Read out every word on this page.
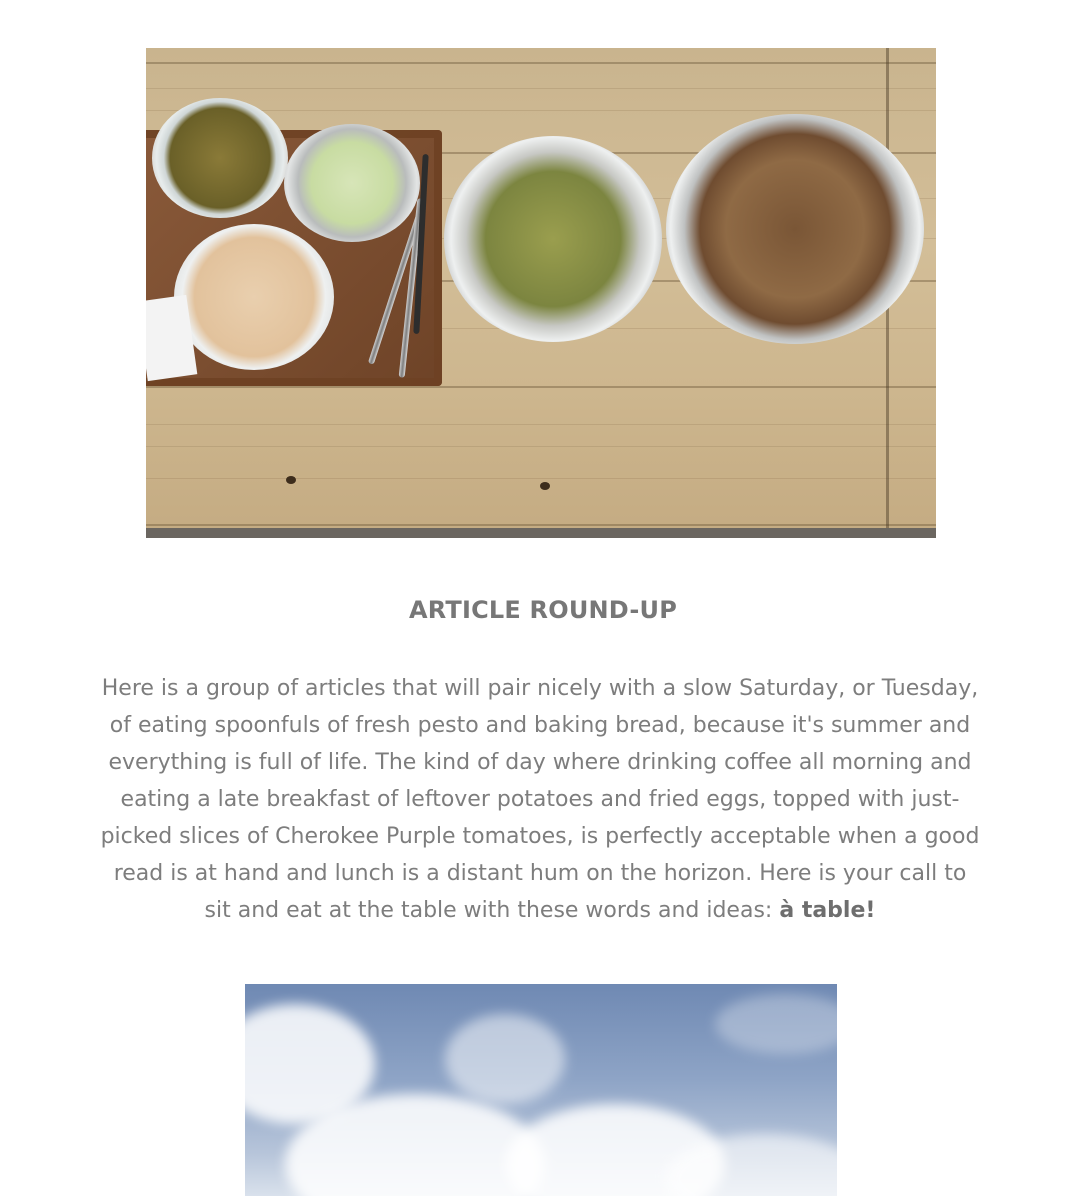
ARTICLE ROUND-UP
Here is a group of articles that will pair nicely with a slow Saturday, or Tuesday, of eating spoonfuls of fresh pesto and baking bread, because it's summer and everything is full of life. The kind of day where drinking coffee all morning and eating a late breakfast of leftover potatoes and fried eggs, topped with just-picked slices of Cherokee Purple tomatoes, is perfectly acceptable when a good read is at hand and lunch is a distant hum on the horizon. Here is your call to sit and eat at the table with these words and ideas: à table!
